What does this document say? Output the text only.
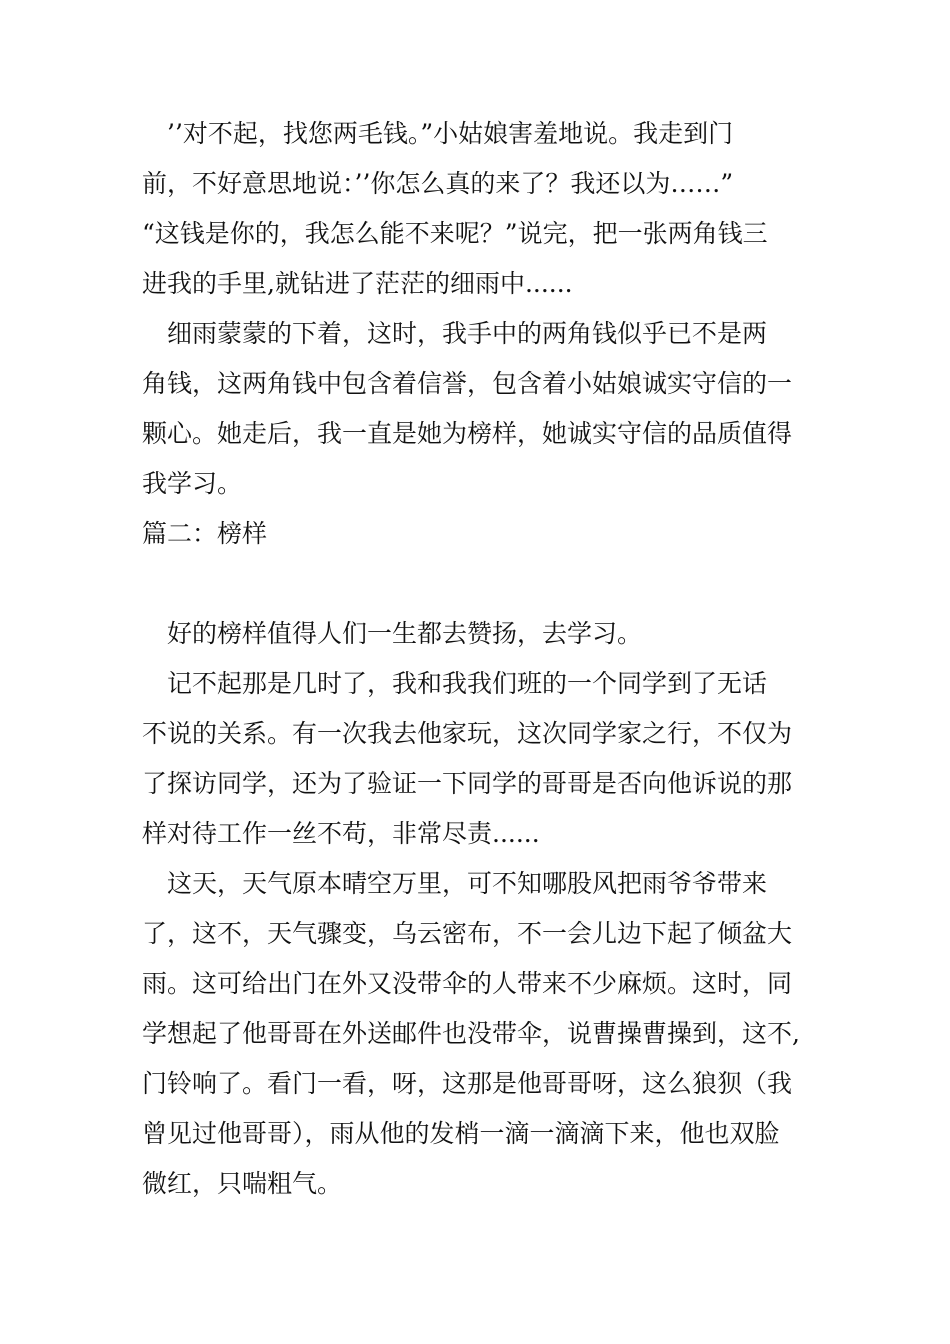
　’’对不起，找您两毛钱。”小姑娘害羞地说。我走到门
前，不好意思地说：’’你怎么真的来了？我还以为……”
“这钱是你的，我怎么能不来呢？”说完，把一张两角钱三
进我的手里,就钻进了茫茫的细雨中......
　细雨蒙蒙的下着，这时，我手中的两角钱似乎已不是两
角钱，这两角钱中包含着信誉，包含着小姑娘诚实守信的一
颗心。她走后，我一直是她为榜样，她诚实守信的品质值得
我学习。
篇二：榜样
　好的榜样值得人们一生都去赞扬，去学习。
　记不起那是几时了，我和我我们班的一个同学到了无话
不说的关系。有一次我去他家玩，这次同学家之行，不仅为
了探访同学，还为了验证一下同学的哥哥是否向他诉说的那
样对待工作一丝不苟，非常尽责......
　这天，天气原本晴空万里，可不知哪股风把雨爷爷带来
了，这不，天气骤变，乌云密布，不一会儿边下起了倾盆大
雨。这可给出门在外又没带伞的人带来不少麻烦。这时，同
学想起了他哥哥在外送邮件也没带伞，说曹操曹操到，这不,
门铃响了。看门一看，呀，这那是他哥哥呀，这么狼狈（我
曾见过他哥哥），雨从他的发梢一滴一滴滴下来，他也双脸
微红，只喘粗气。
